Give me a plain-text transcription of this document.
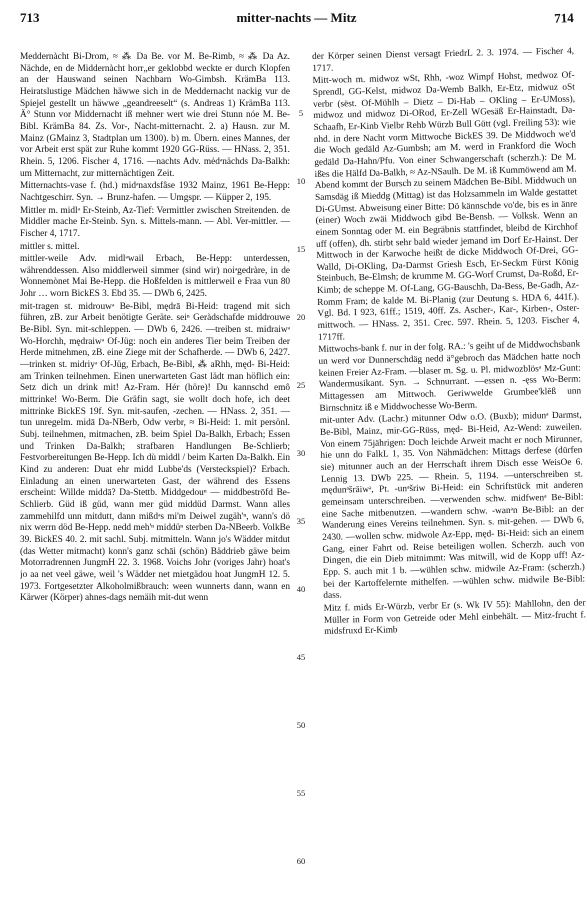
713	mitter-nachts — Mitz	714

Meddernàcht Bi-Drom, ≈ ⁂ Da Be. vor M. Be-Rimb, ≈ ⁂ Da Az. Nächde, en de Middernàcht horr„er geklobbd weckte er durch Klopfen an der Hauswand seinen Nachbarn Wo-Gimbsh. KrämBa 113. Heiratslustige Mädchen häwwe sich in de Meddernacht nackig vur de Spiejel gestellt un häwwe „geandreeselt“ (s. Andreas 1) KrämBa 113. Ä° Stunn vor Middernacht iß mehner wert wie drei Stunn nóe M. Be-Bibl. KrämBa 84. Zs. Vor-, Nacht-mitternacht. 2. a) Hausn. zur M. Mainz (GMainz 3, Stadtplan um 1300). b) m. Übern. eines Mannes, der vor Arbeit erst spät zur Ruhe kommt 1920 GG-Rüss. — HNass. 2, 351. Rhein. 5, 1206. Fischer 4, 1716. —nachts Adv. mėdᵊnächds Da-Balkh: um Mitternacht, zur mitternächtigen Zeit.

Mitternachts-vase f. (hd.) midᵊnaxdsfâse 1932 Mainz, 1961 Be-Hepp: Nachtgeschirr. Syn. → Brunz-hafen. — Umgspr. — Küpper 2, 195.

Mittler m. midlᵊ Er-Steinb, Az-Tief: Vermittler zwischen Streitenden. de Middler mache Er-Steinb. Syn. s. Mittels-mann. — Abl. Ver-mittler. — Fischer 4, 1717.

mittler s. mittel.

mittler-weile Adv. midlᵊwail Erbach, Be-Hepp: unterdessen, währenddessen. Also middlerweil simmer (sind wir) noiᵊgedràre, in de Wonnemònet Mai Be-Hepp. die Hoßfelden is mittlerweil e Fraa vun 80 Johr … worn BickES 3. Ebd 35. — DWb 6, 2425.

mit-tragen st. midrouwᵊ Be-Bibl, mędrā Bi-Heid: tragend mit sich führen, zB. zur Arbeit benötigte Geräte. seiⁿ Geràdschafde middrouwe Be-Bibl. Syn. mit-schleppen. — DWb 6, 2426. —treiben st. midraiwᵊ Wo-Horchh, mędraiwᵊ Of-Jüg: noch ein anderes Tier beim Treiben der Herde mitnehmen, zB. eine Ziege mit der Schafherde. — DWb 6, 2427. —trinken st. midriyᵊ Of-Jüg, Erbach, Be-Bibl, ⁂ aRhh, męd- Bi-Heid: am Trinken teilnehmen. Einen unerwarteten Gast lädt man höflich ein: Setz dich un drink mit! Az-Fram. Hér (höre)! Du kannschd emô mittrinke! Wo-Berm. Die Gräfin sagt, sie wollt doch hofe, ich deet mittrinke BickES 19f. Syn. mit-saufen, -zechen. — HNass. 2, 351. —tun unregelm. midā Da-NBerb, Odw verbr, ≈ Bi-Heid: 1. mit persönl. Subj. teilnehmen, mitmachen, zB. beim Spiel Da-Balkh, Erbach; Essen und Trinken Da-Balkh; strafbaren Handlungen Be-Schlierb; Festvorbereitungen Be-Hepp. Ich dù middl / beim Karten Da-Balkh. Ein Kind zu anderen: Duat ehr midd Lubbe'ds (Versteckspiel)? Erbach. Einladung an einen unerwarteten Gast, der während des Essens erscheint: Willde middā? Da-Stettb. Middgedouⁿ — middbestrōfd Be-Schlierb. Güd iß güd, wann mer güd middüd Darmst. Wann alles zammehilfd unn mitdutt, dann mißdᵊs mi'm Deiwel zugäh'ⁿ, wann's dö nix werrn död Be-Hepp. nedd meh'ⁿ middüⁿ sterben Da-NBeerb. VolkBe 39. BickES 40. 2. mit sachl. Subj. mitmitteln. Wann jo's Wädder mitdut (das Wetter mitmacht) konn's ganz schāi (schön) Bäddrieb gäwe beim Motorradrennen JungmH 22. 3. 1968. Voichs Johr (voriges Jahr) hoat's jo aa net veel gäwe, weil 's Wädder net mietgädou hoat JungmH 12. 5. 1973. Fortgesetzter Alkoholmißbrauch: ween wunnerts dann, wann en Kärwer (Körper) ahnes-dags nemäih mit-dut wenn

5
10
15
20
25
30
35
40
45
50
55
60

der Körper seinen Dienst versagt FriedrL 2. 3. 1974. — Fischer 4, 1717.

Mitt-woch m. midwoz wSt, Rhh, -woz Wimpf Hohst, medwoz Of-Sprendl, GG-Kelst, midwoz Da-Wemb Balkh, Er-Etz, midwuz oSt verbr (sëst. Of-Mühlh – Dietz – Di-Hab – OKling – Er-UMoss), midwoz und midwoz Di-ORod, Er-Zell WGesäß Er-Hainstadt, Da-Schaafh, Er-Kinb Vielbr Rehb Würzb Bull Gütt (vgl. Freiling 53): wie nhd. in dere Nacht vorm Mittwoche BickES 39. De Middwoch we'd die Woch gedäld Az-Gumbsh; am M. werd in Frankford die Woch gedäld Da-Hahn/Pfu. Von einer Schwangerschaft (scherzh.): De M. iß̈es die Hälfd Da-Balkh, ≈ Az-NSaulh. De M. iß Kummöwend am M. Abend kommt der Bursch zu seinem Mädchen Be-Bibl. Middwuch un Samsdäg iß Mieddg (Mittag) ist das Holzsammeln im Walde gestattet Di-GUmst. Abweisung einer Bitte: Dö kännschde vo'de, bis es in änre (einer) Woch zwäi Middwoch gibd Be-Bensh. — Volksk. Wenn an einem Sonntag oder M. ein Begräbnis stattfindet, bleibd de Kirchhof uff (offen), dh. stirbt sehr bald wieder jemand im Dorf Er-Hainst. Der Mittwoch in der Karwoche heißt de dicke Middwoch Of-Drei, GG-Walld, Di-OKling, Da-Darmst Griesh Esch, Er-Seckm Fürst König Steinbuch, Be-Elmsh; de krumme M. GG-Worf Crumst, Da-Roßd, Er-Kimb; de scheppe M. Of-Lang, GG-Bauschh, Da-Bess, Be-Gadh, Az-Romm Fram; de kalde M. Bi-Planig (zur Deutung s. HDA 6, 441f.). Vgl. Bd. I 923, 61ff.; 1519, 40ff. Zs. Ascher-, Kar-, Kirben-, Oster-mittwoch. — HNass. 2, 351. Crec. 597. Rhein. 5, 1203. Fischer 4, 1717ff.

Mittwochs-bank f. nur in der folg. RA.: 's geiht uf de Middwochsbank un werd vor Dunnerschdäg nedd ä°gebroch das Mädchen hatte noch keinen Freier Az-Fram. —blaser m. Sg. u. Pl. midwozblösᵊ Mz-Gunt: Wandermusikant. Syn. → Schnurrant. —essen n. -ęss Wo-Berm: Mittagessen am Mittwoch. Geriwwelde Grumbee'klēß unn Birnschnitz iß e Middwochesse Wo-Berm.

mit-unter Adv. (Lachr.) mitunner Odw o.O. (Buxb); midunᵊ Darmst, Be-Bibl, Mainz, mir-GG-Rüss, męd- Bi-Heid, Az-Wend: zuweilen. Von einem 75jährigen: Doch leichde Arweit macht er noch Mirunner, hie unn do FalkL 1, 35. Von Nähmädchen: Mittags derfese (dürfen sie) mitunner auch an der Herrschaft ihrem Disch esse WeisOe 6. Lennig 13. DWb 225. — Rhein. 5, 1194. —unterschreiben st. mędunᵊšrāiwᵊ, Pt. -unᵊšriw Bi-Heid: ein Schriftstück mit anderen gemeinsam unterschreiben. —verwenden schw. midfwenᵊ Be-Bibl: eine Sache mitbenutzen. —wandern schw. -wanᵊn Be-Bibl: an der Wanderung eines Vereins teilnehmen. Syn. s. mit-gehen. — DWb 6, 2430. —wollen schw. midwole Az-Epp, męd- Bi-Heid: sich an einem Gang, einer Fahrt od. Reise beteiligen wollen. Scherzh. auch von Dingen, die ein Dieb mitnimmt: Was mitwill, wid de Kopp uff! Az-Epp. S. auch mit 1 b. —wühlen schw. midwile Az-Fram: (scherzh.) bei der Kartoffelernte mithelfen. —wühlen schw. midwile Be-Bibl: dass.

Mitz f. mids Er-Würzb, verbr Er (s. Wk IV 55): Mahllohn, den der Müller in Form von Getreide oder Mehl einbehält. — Mitz-frucht f. midsfruxd Er-Kimb
